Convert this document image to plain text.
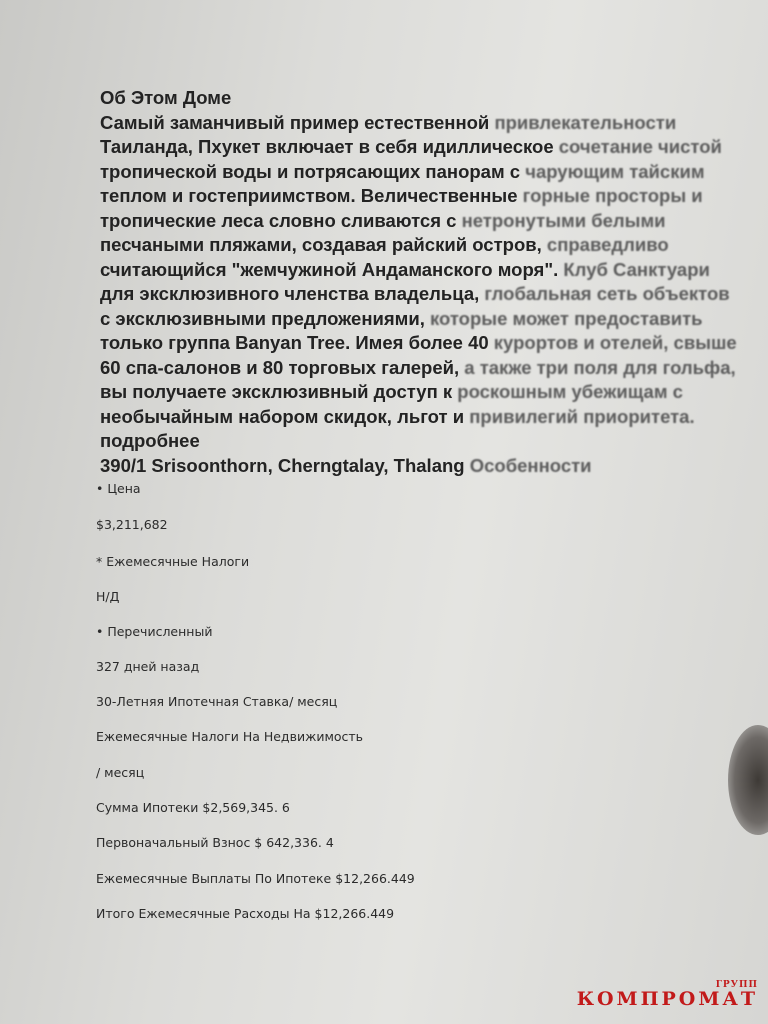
Об Этом Доме
Самый заманчивый пример естественной привлекательности
Таиланда, Пхукет включает в себя идиллическое сочетание чистой
тропической воды и потрясающих панорам с чарующим тайским
теплом и гостеприимством. Величественные горные просторы и
тропические леса словно сливаются с нетронутыми белыми
песчаными пляжами, создавая райский остров, справедливо
считающийся "жемчужиной Андаманского моря". Клуб Санктуари
для эксклюзивного членства владельца, глобальная сеть объектов
с эксклюзивными предложениями, которые может предоставить
только группа Banyan Tree. Имея более 40 курортов и отелей, свыше
60 спа-салонов и 80 торговых галерей, а также три поля для гольфа,
вы получаете эксклюзивный доступ к роскошным убежищам с
необычайным набором скидок, льгот и привилегий приоритета.
подробнее
390/1 Srisoonthorn, Cherngtalay, Thalang Особенности
• Цена
$3,211,682
* Ежемесячные Налоги
Н/Д
• Перечисленный
327 дней назад
30-Летняя Ипотечная Ставка/ месяц
Ежемесячные Налоги На Недвижимость
/ месяц
Сумма Ипотеки $2,569,345. 6
Первоначальный Взнос $ 642,336. 4
Ежемесячные Выплаты По Ипотеке $12,266.449
Итого Ежемесячные Расходы На $12,266.449
ГРУПП
КОМПРОМАТ
